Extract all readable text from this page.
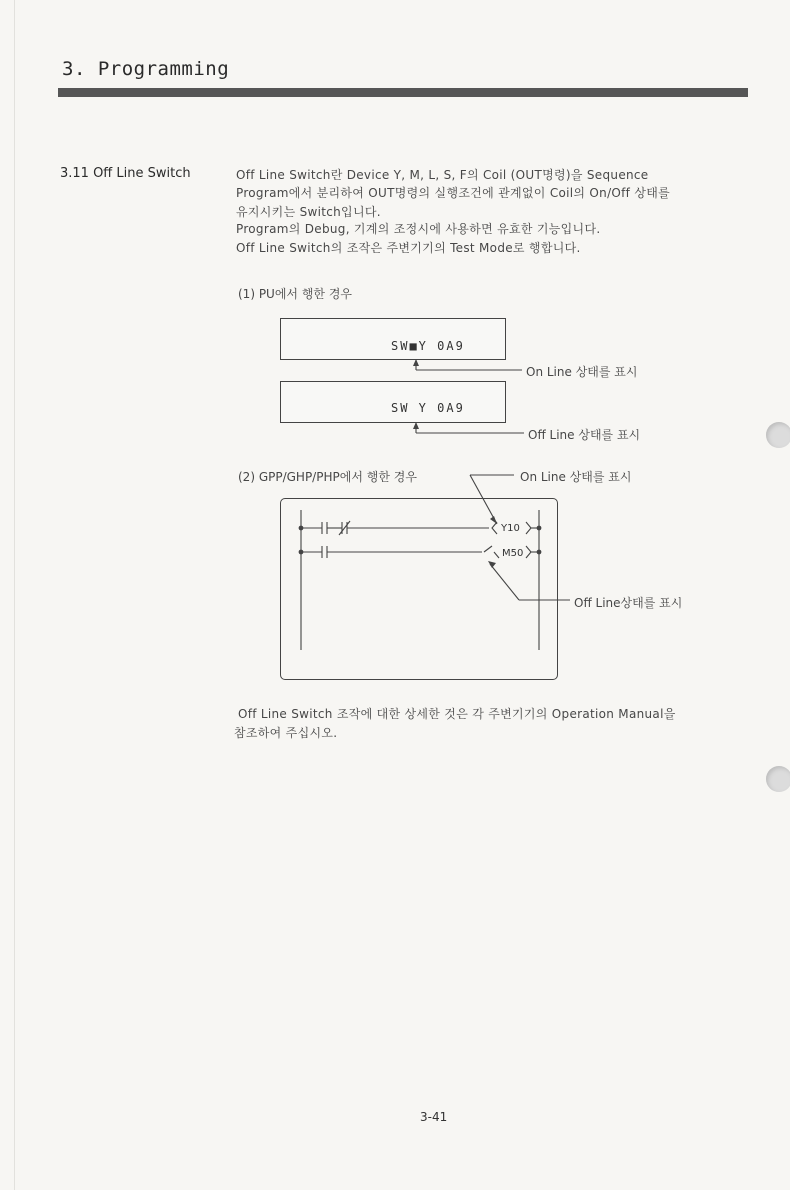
3. Programming
3.11 Off Line Switch	Off Line Switch란 Device Y, M, L, S, F의 Coil (OUT명령)을 Sequence
Program에서 분리하여 OUT명령의 실행조건에 관계없이 Coil의 On/Off 상태를
유지시키는 Switch입니다.
Program의 Debug, 기계의 조정시에 사용하면 유효한 기능입니다.
Off Line Switch의 조작은 주변기기의 Test Mode로 행합니다.
(1) PU에서 행한 경우
SW■Y 0A9
SW Y 0A9
On Line 상태를 표시
Off Line 상태를 표시
(2) GPP/GHP/PHP에서 행한 경우	On Line 상태를 표시
Off Line상태를 표시
Y10
M50
Off Line Switch 조작에 대한 상세한 것은 각 주변기기의 Operation Manual을
참조하여 주십시오.
3-41
